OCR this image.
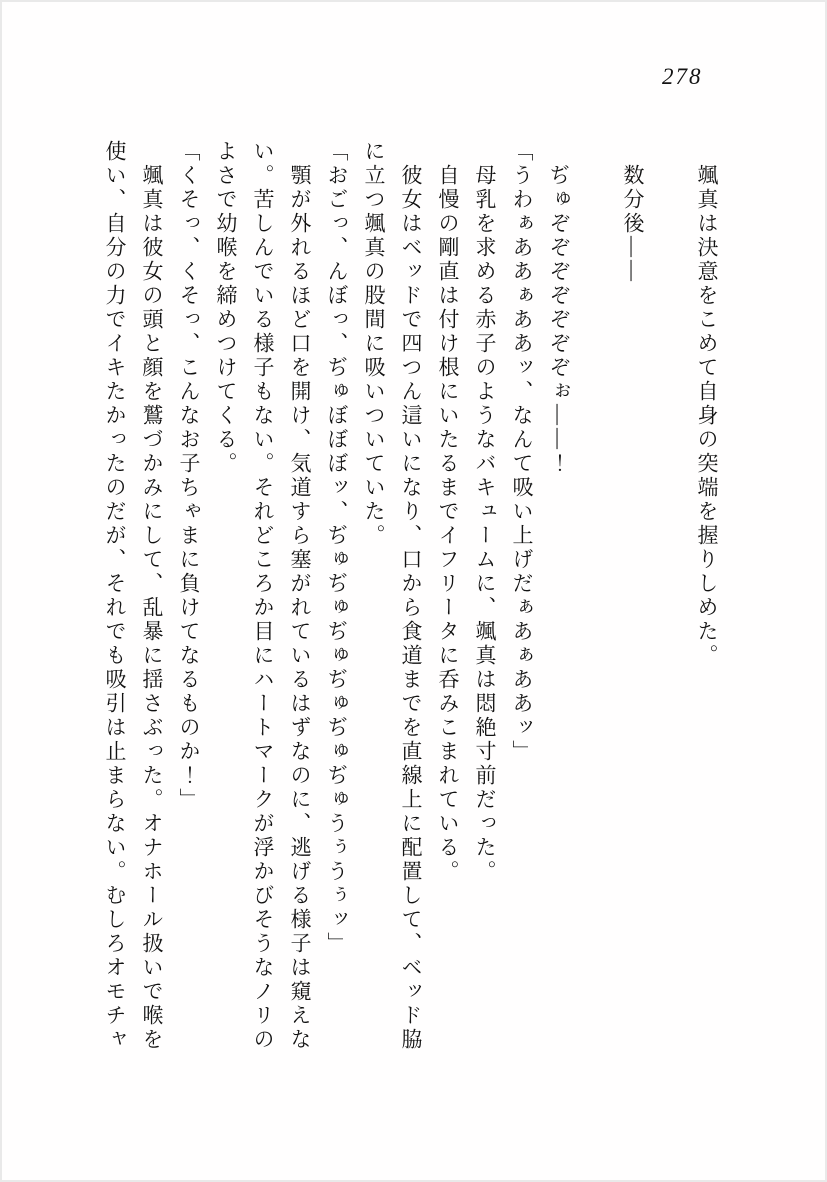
278

颯真は決意をこめて自身の突端を握りしめた。

数分後――

ぢゅぞぞぞぞぞぞぞぉ――！

「うわぁああぁああッ、なんて吸い上げだぁあぁああッ」

母乳を求める赤子のようなバキュームに、颯真は悶絶寸前だった。

自慢の剛直は付け根にいたるまでイフリータに呑みこまれている。

彼女はベッドで四つん這いになり、口から食道までを直線上に配置して、ベッド脇

に立つ颯真の股間に吸いついていた。

「おごっ、んぼっ、ぢゅぼぼぼッ、ぢゅぢゅぢゅぢゅぢゅぢゅうぅうぅッ」

顎が外れるほど口を開け、気道すら塞がれているはずなのに、逃げる様子は窺えな

い。苦しんでいる様子もない。それどころか目にハートマークが浮かびそうなノリの

よさで幼喉を締めつけてくる。

「くそっ、くそっ、こんなお子ちゃまに負けてなるものか！」

颯真は彼女の頭と顔を鷲づかみにして、乱暴に揺さぶった。オナホール扱いで喉を

使い、自分の力でイキたかったのだが、それでも吸引は止まらない。むしろオモチャ
